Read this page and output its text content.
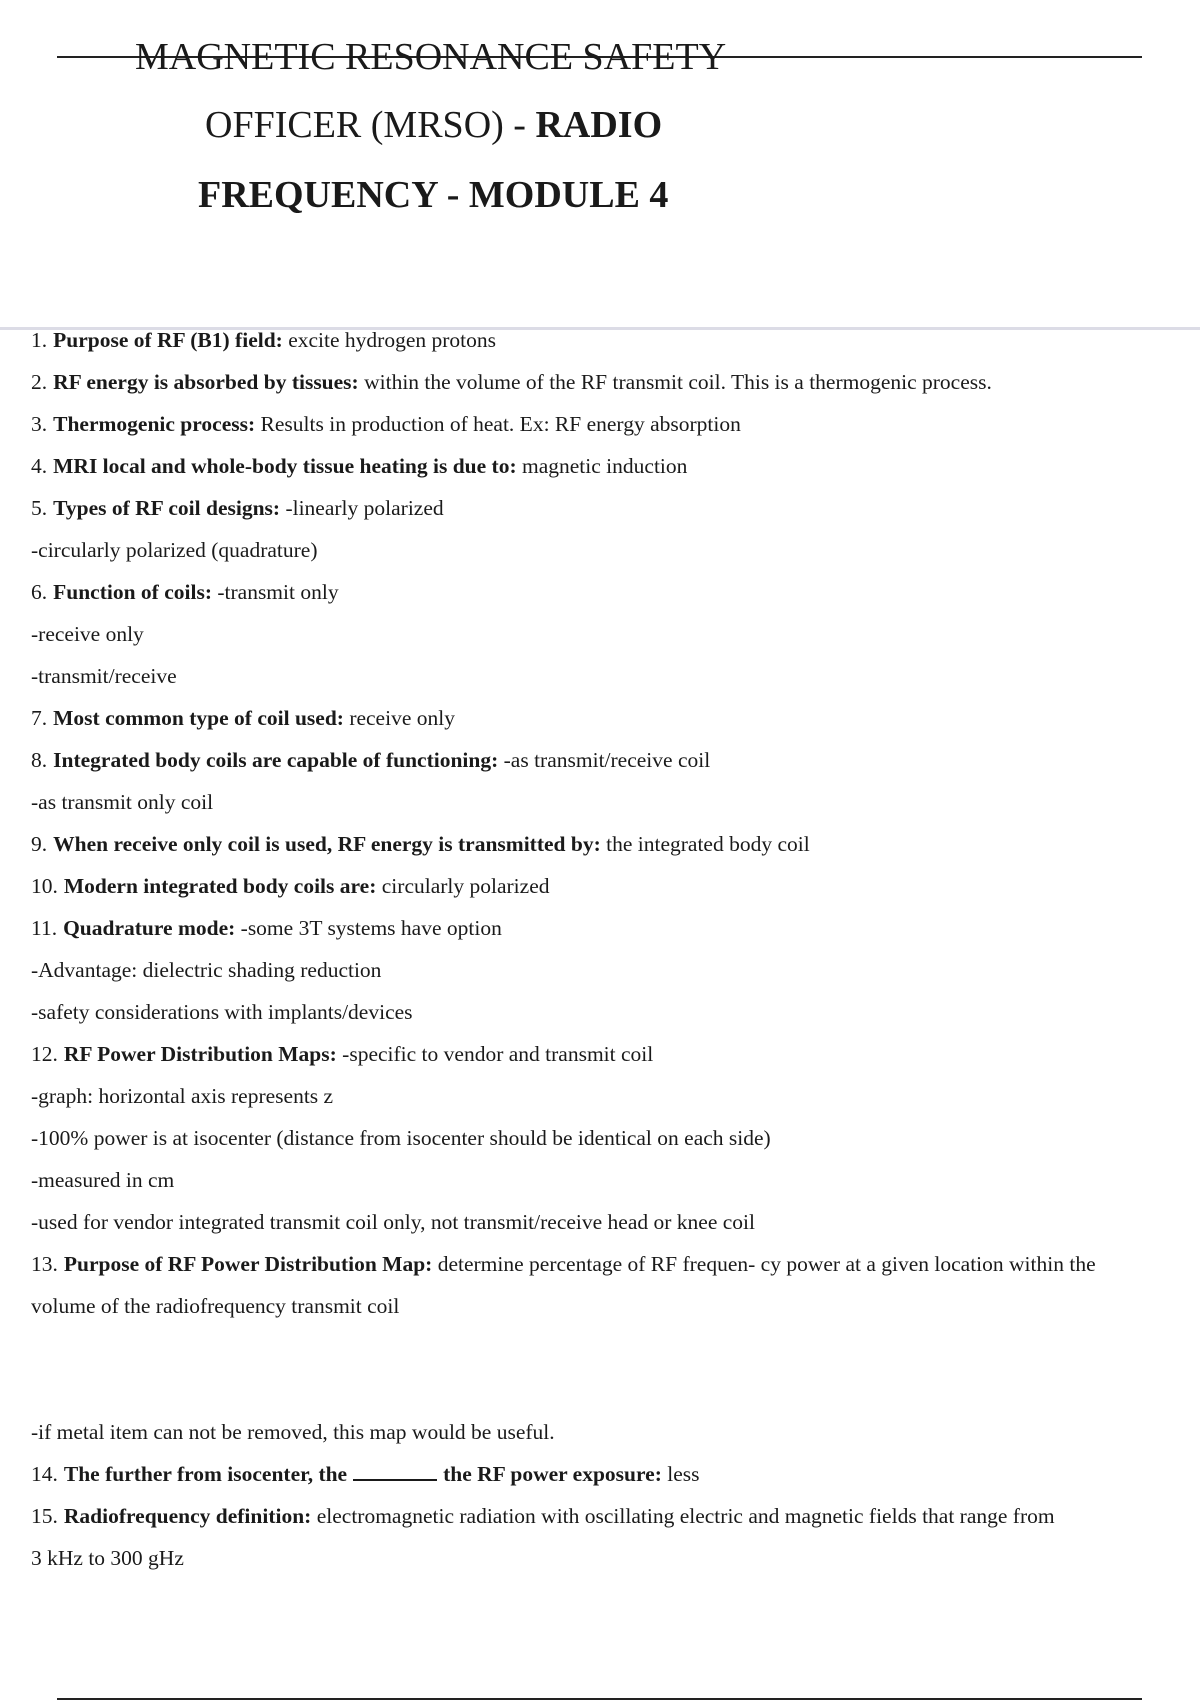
MAGNETIC RESONANCE SAFETY
OFFICER (MRSO) - RADIO
FREQUENCY - MODULE 4
1. Purpose of RF (B1) field: excite hydrogen protons
2. RF energy is absorbed by tissues: within the volume of the RF transmit coil. This is a thermogenic process.
3. Thermogenic process: Results in production of heat. Ex: RF energy absorption
4. MRI local and whole-body tissue heating is due to: magnetic induction
5. Types of RF coil designs: -linearly polarized
-circularly polarized (quadrature)
6. Function of coils: -transmit only
-receive only
-transmit/receive
7. Most common type of coil used: receive only
8. Integrated body coils are capable of functioning: -as transmit/receive coil
-as transmit only coil
9. When receive only coil is used, RF energy is transmitted by: the integrated body coil
10. Modern integrated body coils are: circularly polarized
11. Quadrature mode: -some 3T systems have option
-Advantage: dielectric shading reduction
-safety considerations with implants/devices
12. RF Power Distribution Maps: -specific to vendor and transmit coil
-graph: horizontal axis represents z
-100% power is at isocenter (distance from isocenter should be identical on each side)
-measured in cm
-used for vendor integrated transmit coil only, not transmit/receive head or knee coil
13. Purpose of RF Power Distribution Map: determine percentage of RF frequen- cy power at a given location within the
volume of the radiofrequency transmit coil
-if metal item can not be removed, this map would be useful.
14. The further from isocenter, the	the RF power exposure: less
15. Radiofrequency definition: electromagnetic radiation with oscillating electric and magnetic fields that range from
3 kHz to 300 gHz
